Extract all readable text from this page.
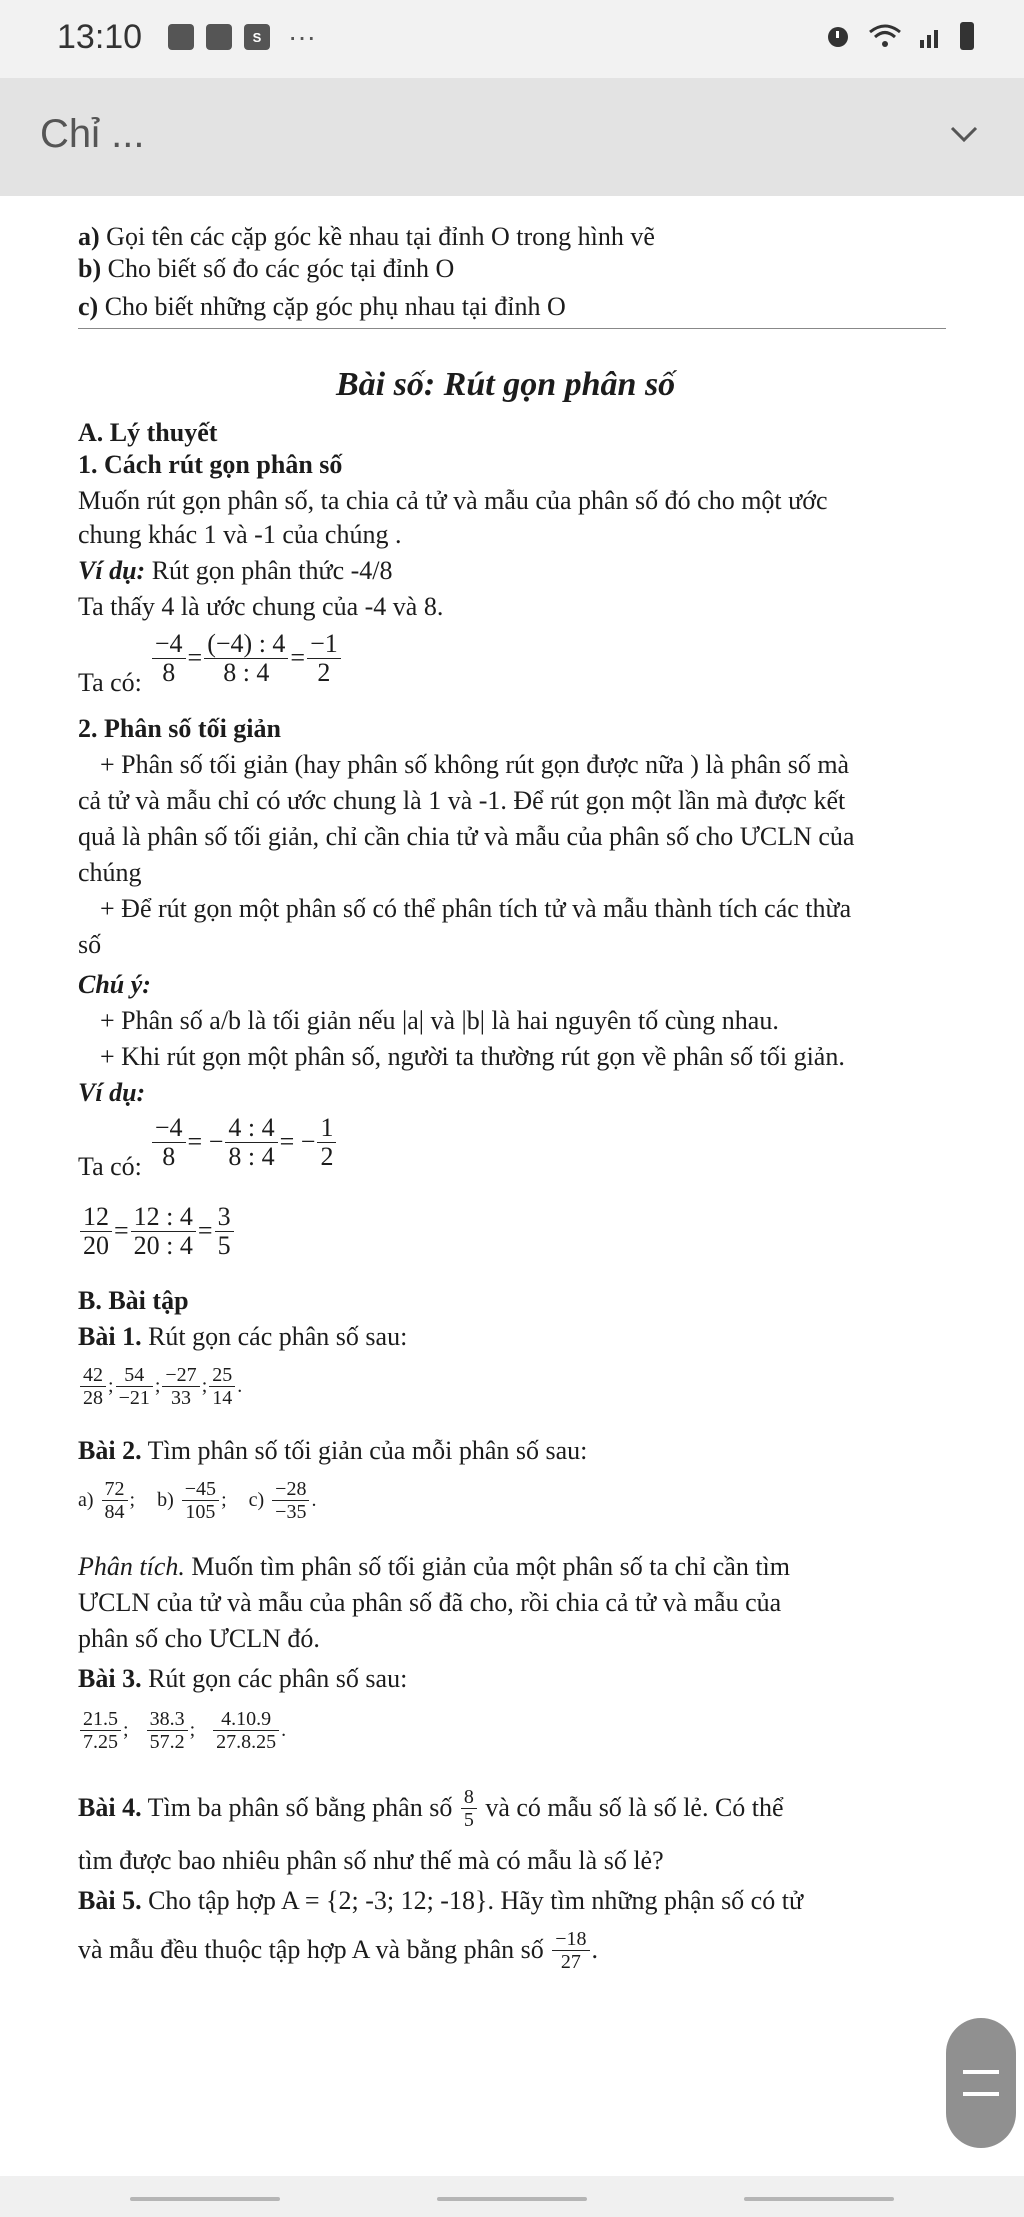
13:10	S ···
Chỉ ...
a) Gọi tên các cặp góc kề nhau tại đỉnh O trong hình vẽ
b) Cho biết số đo các góc tại đỉnh O
c) Cho biết những cặp góc phụ nhau tại đỉnh O
Bài số: Rút gọn phân số
A. Lý thuyết
1. Cách rút gọn phân số
Muốn rút gọn phân số, ta chia cả tử và mẫu của phân số đó cho một ước
chung khác 1 và -1 của chúng .
Ví dụ: Rút gọn phân thức -4/8
Ta thấy 4 là ước chung của -4 và 8.
Ta có: $\frac{-4}{8} = \frac{(-4) : 4}{8 : 4} = \frac{-1}{2}$
2. Phân số tối giản
+ Phân số tối giản (hay phân số không rút gọn được nữa ) là phân số mà
cả tử và mẫu chỉ có ước chung là 1 và -1. Để rút gọn một lần mà được kết
quả là phân số tối giản, chỉ cần chia tử và mẫu của phân số cho ƯCLN của
chúng
+ Để rút gọn một phân số có thể phân tích tử và mẫu thành tích các thừa
số
Chú ý:
+ Phân số a/b là tối giản nếu |a| và |b| là hai nguyên tố cùng nhau.
+ Khi rút gọn một phân số, người ta thường rút gọn về phân số tối giản.
Ví dụ:
Ta có: $\frac{-4}{8}$ = − $\frac{4 : 4}{8 : 4}$ = − $\frac{1}{2}$
$\frac{12}{20} = \frac{12 : 4}{20 : 4} = \frac{3}{5}$
B. Bài tập
Bài 1. Rút gọn các phân số sau:
$\frac{42}{28}$ ; $\frac{54}{-21}$ ; $\frac{-27}{33}$ ; $\frac{25}{14}$ .
Bài 2. Tìm phân số tối giản của mỗi phân số sau:
$a) \frac{72}{84}$ ; $b) \frac{-45}{105}$ ; $c) \frac{-28}{-35}$ .
Phân tích. Muốn tìm phân số tối giản của một phân số ta chỉ cần tìm
ƯCLN của tử và mẫu của phân số đã cho, rồi chia cả tử và mẫu của
phân số cho ƯCLN đó.
Bài 3. Rút gọn các phân số sau:
$\frac{21.5}{7.25}$ ; $\frac{38.3}{57.2}$ ; $\frac{4.10.9}{27.8.25}$ .
Bài 4. Tìm ba phân số bằng phân số $\frac{8}{5}$ và có mẫu số là số lẻ. Có thể
tìm được bao nhiêu phân số như thế mà có mẫu là số lẻ?
Bài 5. Cho tập hợp A = {2; -3; 12; -18}. Hãy tìm những phận số có tử
và mẫu đều thuộc tập hợp A và bằng phân số $\frac{-18}{27}$ .
